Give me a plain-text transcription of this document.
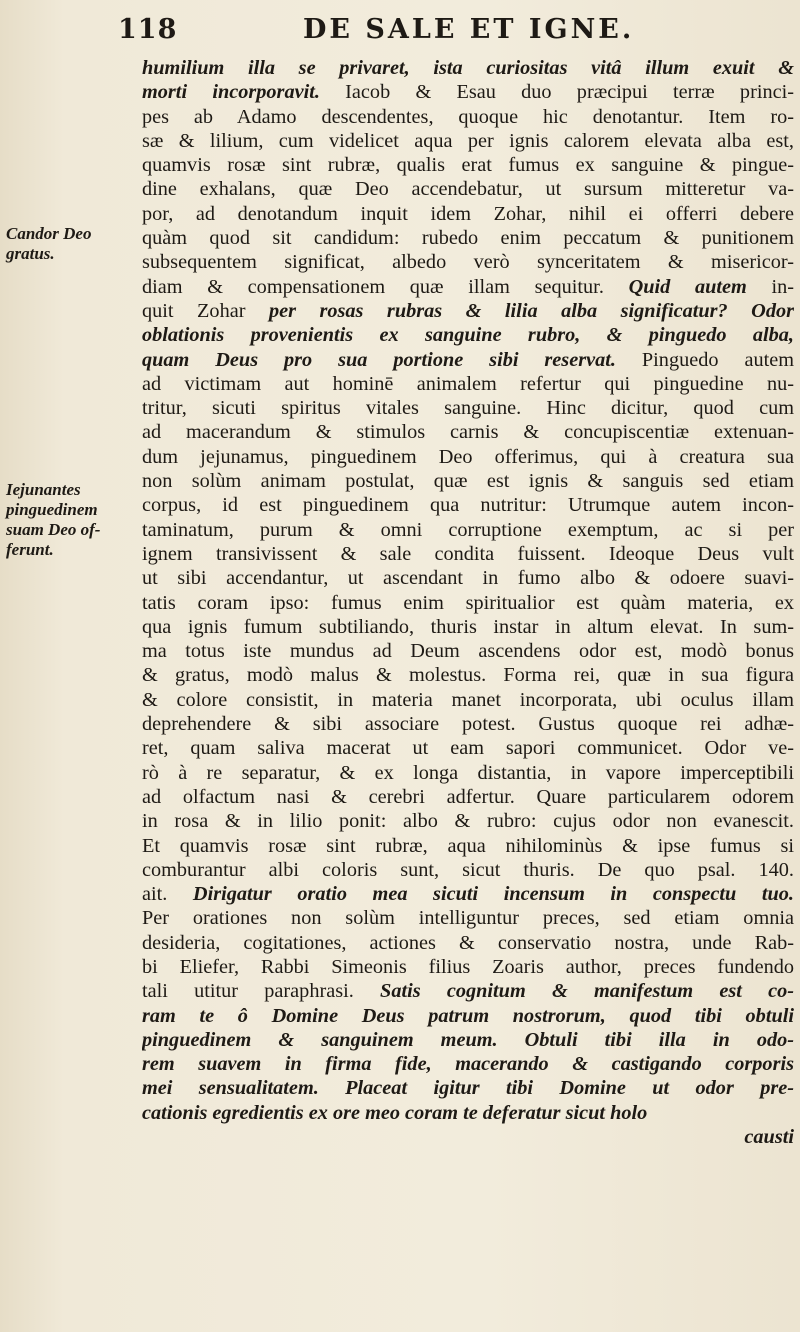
118	DE SALE ET IGNE.
Candor Deo
gratus.
Iejunantes
pinguedinem
suam Deo of-
ferunt.
humilium illa se privaret, ista curiositas vitâ illum exuit &
morti incorporavit. Iacob & Esau duo præcipui terræ princi-
pes ab Adamo descendentes, quoque hic denotantur. Item ro-
sæ & lilium, cum videlicet aqua per ignis calorem elevata alba est,
quamvis rosæ sint rubræ, qualis erat fumus ex sanguine & pingue-
dine exhalans, quæ Deo accendebatur, ut sursum mitteretur va-
por, ad denotandum inquit idem Zohar, nihil ei offerri debere
quàm quod sit candidum: rubedo enim peccatum & punitionem
subsequentem significat, albedo verò synceritatem & misericor-
diam & compensationem quæ illam sequitur. Quid autem in-
quit Zohar per rosas rubras & lilia alba significatur? Odor
oblationis provenientis ex sanguine rubro, & pinguedo alba,
quam Deus pro sua portione sibi reservat. Pinguedo autem
ad victimam aut hominē animalem refertur qui pinguedine nu-
tritur, sicuti spiritus vitales sanguine. Hinc dicitur, quod cum
ad macerandum & stimulos carnis & concupiscentiæ extenuan-
dum jejunamus, pinguedinem Deo offerimus, qui à creatura sua
non solùm animam postulat, quæ est ignis & sanguis sed etiam
corpus, id est pinguedinem qua nutritur: Utrumque autem incon-
taminatum, purum & omni corruptione exemptum, ac si per
ignem transivissent & sale condita fuissent. Ideoque Deus vult
ut sibi accendantur, ut ascendant in fumo albo & odoere suavi-
tatis coram ipso: fumus enim spiritualior est quàm materia, ex
qua ignis fumum subtiliando, thuris instar in altum elevat. In sum-
ma totus iste mundus ad Deum ascendens odor est, modò bonus
& gratus, modò malus & molestus. Forma rei, quæ in sua figura
& colore consistit, in materia manet incorporata, ubi oculus illam
deprehendere & sibi associare potest. Gustus quoque rei adhæ-
ret, quam saliva macerat ut eam sapori communicet. Odor ve-
rò à re separatur, & ex longa distantia, in vapore imperceptibili
ad olfactum nasi & cerebri adfertur. Quare particularem odorem
in rosa & in lilio ponit: albo & rubro: cujus odor non evanescit.
Et quamvis rosæ sint rubræ, aqua nihilominùs & ipse fumus si
comburantur albi coloris sunt, sicut thuris. De quo psal. 140.
ait. Dirigatur oratio mea sicuti incensum in conspectu tuo.
Per orationes non solùm intelliguntur preces, sed etiam omnia
desideria, cogitationes, actiones & conservatio nostra, unde Rab-
bi Eliefer, Rabbi Simeonis filius Zoaris author, preces fundendo
tali utitur paraphrasi. Satis cognitum & manifestum est co-
ram te ô Domine Deus patrum nostrorum, quod tibi obtuli
pinguedinem & sanguinem meum. Obtuli tibi illa in odo-
rem suavem in firma fide, macerando & castigando corporis
mei sensualitatem. Placeat igitur tibi Domine ut odor pre-
cationis egredientis ex ore meo coram te deferatur sicut holo
causti
